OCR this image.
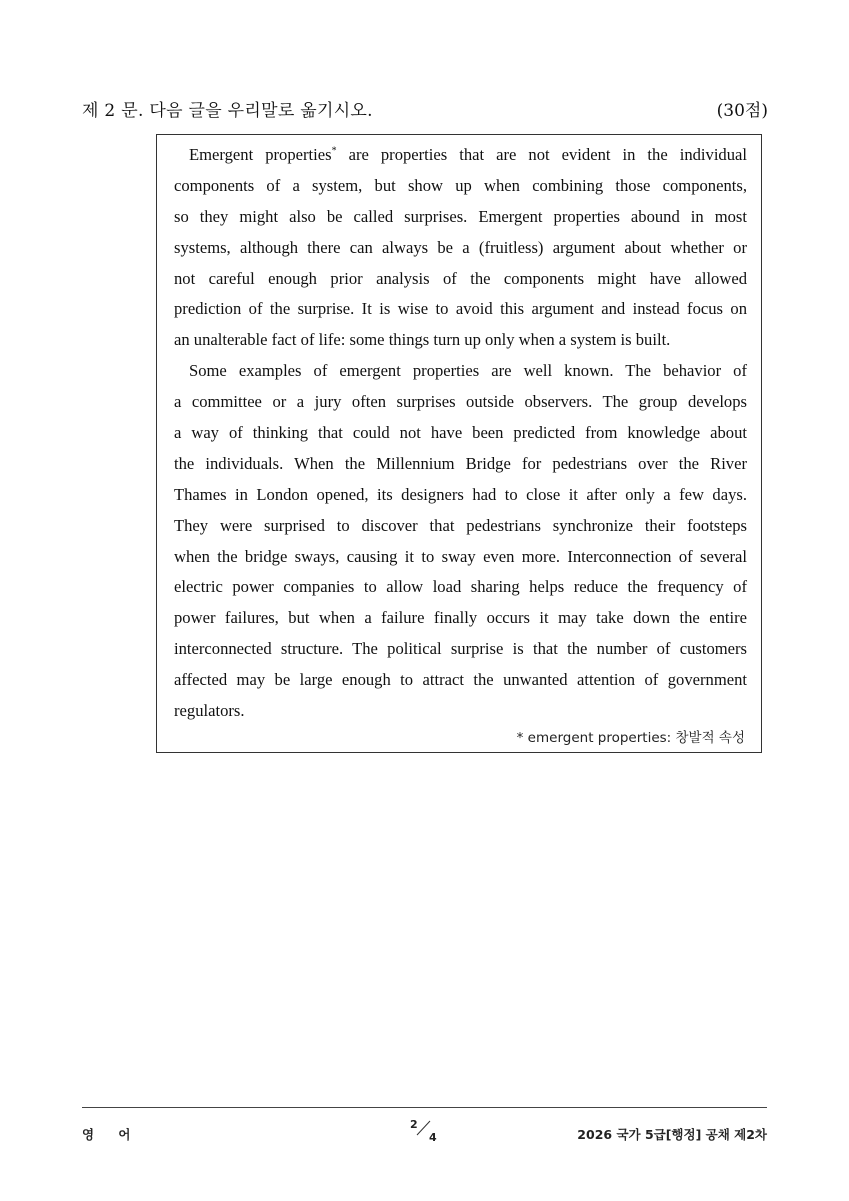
제 2 문. 다음 글을 우리말로 옮기시오.	(30점)
Emergent properties* are properties that are not evident in the individual
components of a system, but show up when combining those components,
so they might also be called surprises. Emergent properties abound in most
systems, although there can always be a (fruitless) argument about whether or
not careful enough prior analysis of the components might have allowed
prediction of the surprise. It is wise to avoid this argument and instead focus on
an unalterable fact of life: some things turn up only when a system is built.
Some examples of emergent properties are well known. The behavior of
a committee or a jury often surprises outside observers. The group develops
a way of thinking that could not have been predicted from knowledge about
the individuals. When the Millennium Bridge for pedestrians over the River
Thames in London opened, its designers had to close it after only a few days.
They were surprised to discover that pedestrians synchronize their footsteps
when the bridge sways, causing it to sway even more. Interconnection of several
electric power companies to allow load sharing helps reduce the frequency of
power failures, but when a failure finally occurs it may take down the entire
interconnected structure. The political surprise is that the number of customers
affected may be large enough to attract the unwanted attention of government
regulators.
* emergent properties: 창발적 속성
영 어
2
4	2026 국가 5급[행정] 공채 제2차
